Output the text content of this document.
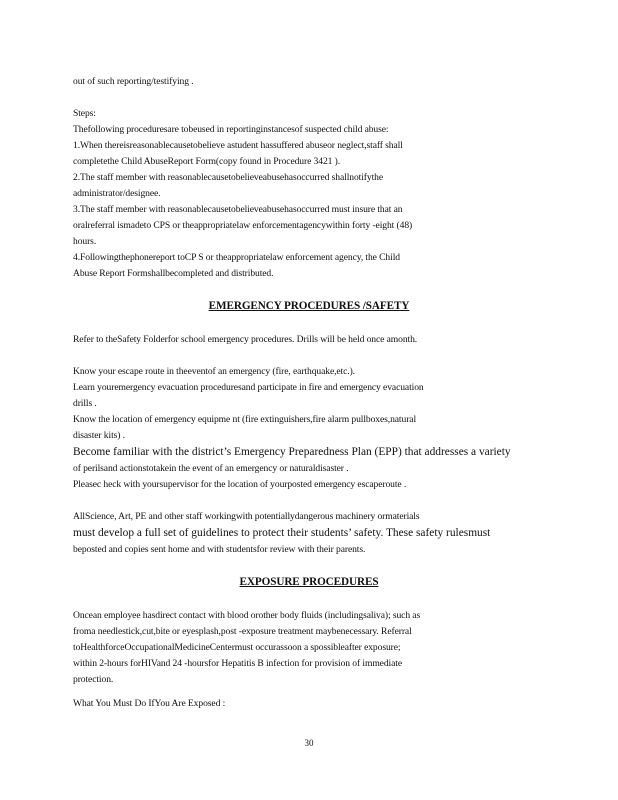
out of such reporting/testifying .
Steps:
Thefollowing proceduresare tobeused in reportinginstancesof suspected child abuse:
1.When thereisreasonablecausetobelieve astudent hassuffered abuseor neglect,staff shall
completethe Child AbuseReport Form(copy found in Procedure 3421 ).
2.The staff member with reasonablecausetobelieveabusehasoccurred shallnotifythe
administrator/designee.
3.The staff member with reasonablecausetobelieveabusehasoccurred must insure that an
oralreferral ismadeto CPS or theappropriatelaw enforcementagencywithin forty -eight (48)
hours.
4.Followingthephonereport toCP S or theappropriatelaw enforcement agency, the Child
Abuse Report Formshallbecompleted and distributed.
EMERGENCY PROCEDURES /SAFETY
Refer to theSafety Folderfor school emergency procedures. Drills will be held once amonth.
Know your escape route in theeventof an emergency (fire, earthquake,etc.).
Learn youremergency evacuation proceduresand participate in fire and emergency evacuation
drills .
Know the location of emergency equipme nt (fire extinguishers,fire alarm pullboxes,natural
disaster kits) .
Become familiar with the district’s Emergency Preparedness Plan (EPP) that addresses a variety
of perilsand actionstotakein the event of an emergency or naturaldisaster .
Pleasec heck with yoursupervisor for the location of yourposted emergency escaperoute .
AllScience, Art, PE and other staff workingwith potentiallydangerous machinery ormaterials
must develop a full set of guidelines to protect their students’ safety. These safety rulesmust
beposted and copies sent home and with studentsfor review with their parents.
EXPOSURE PROCEDURES
Oncean employee hasdirect contact with blood orother body fluids (includingsaliva); such as
froma needlestick,cut,bite or eyesplash,post -exposure treatment maybenecessary. Referral
toHealthforceOccupationalMedicineCentermust occurassoon a spossibleafter exposure;
within 2-hours forHIVand 24 -hoursfor Hepatitis B infection for provision of immediate
protection.
What You Must Do IfYou Are Exposed :
30
